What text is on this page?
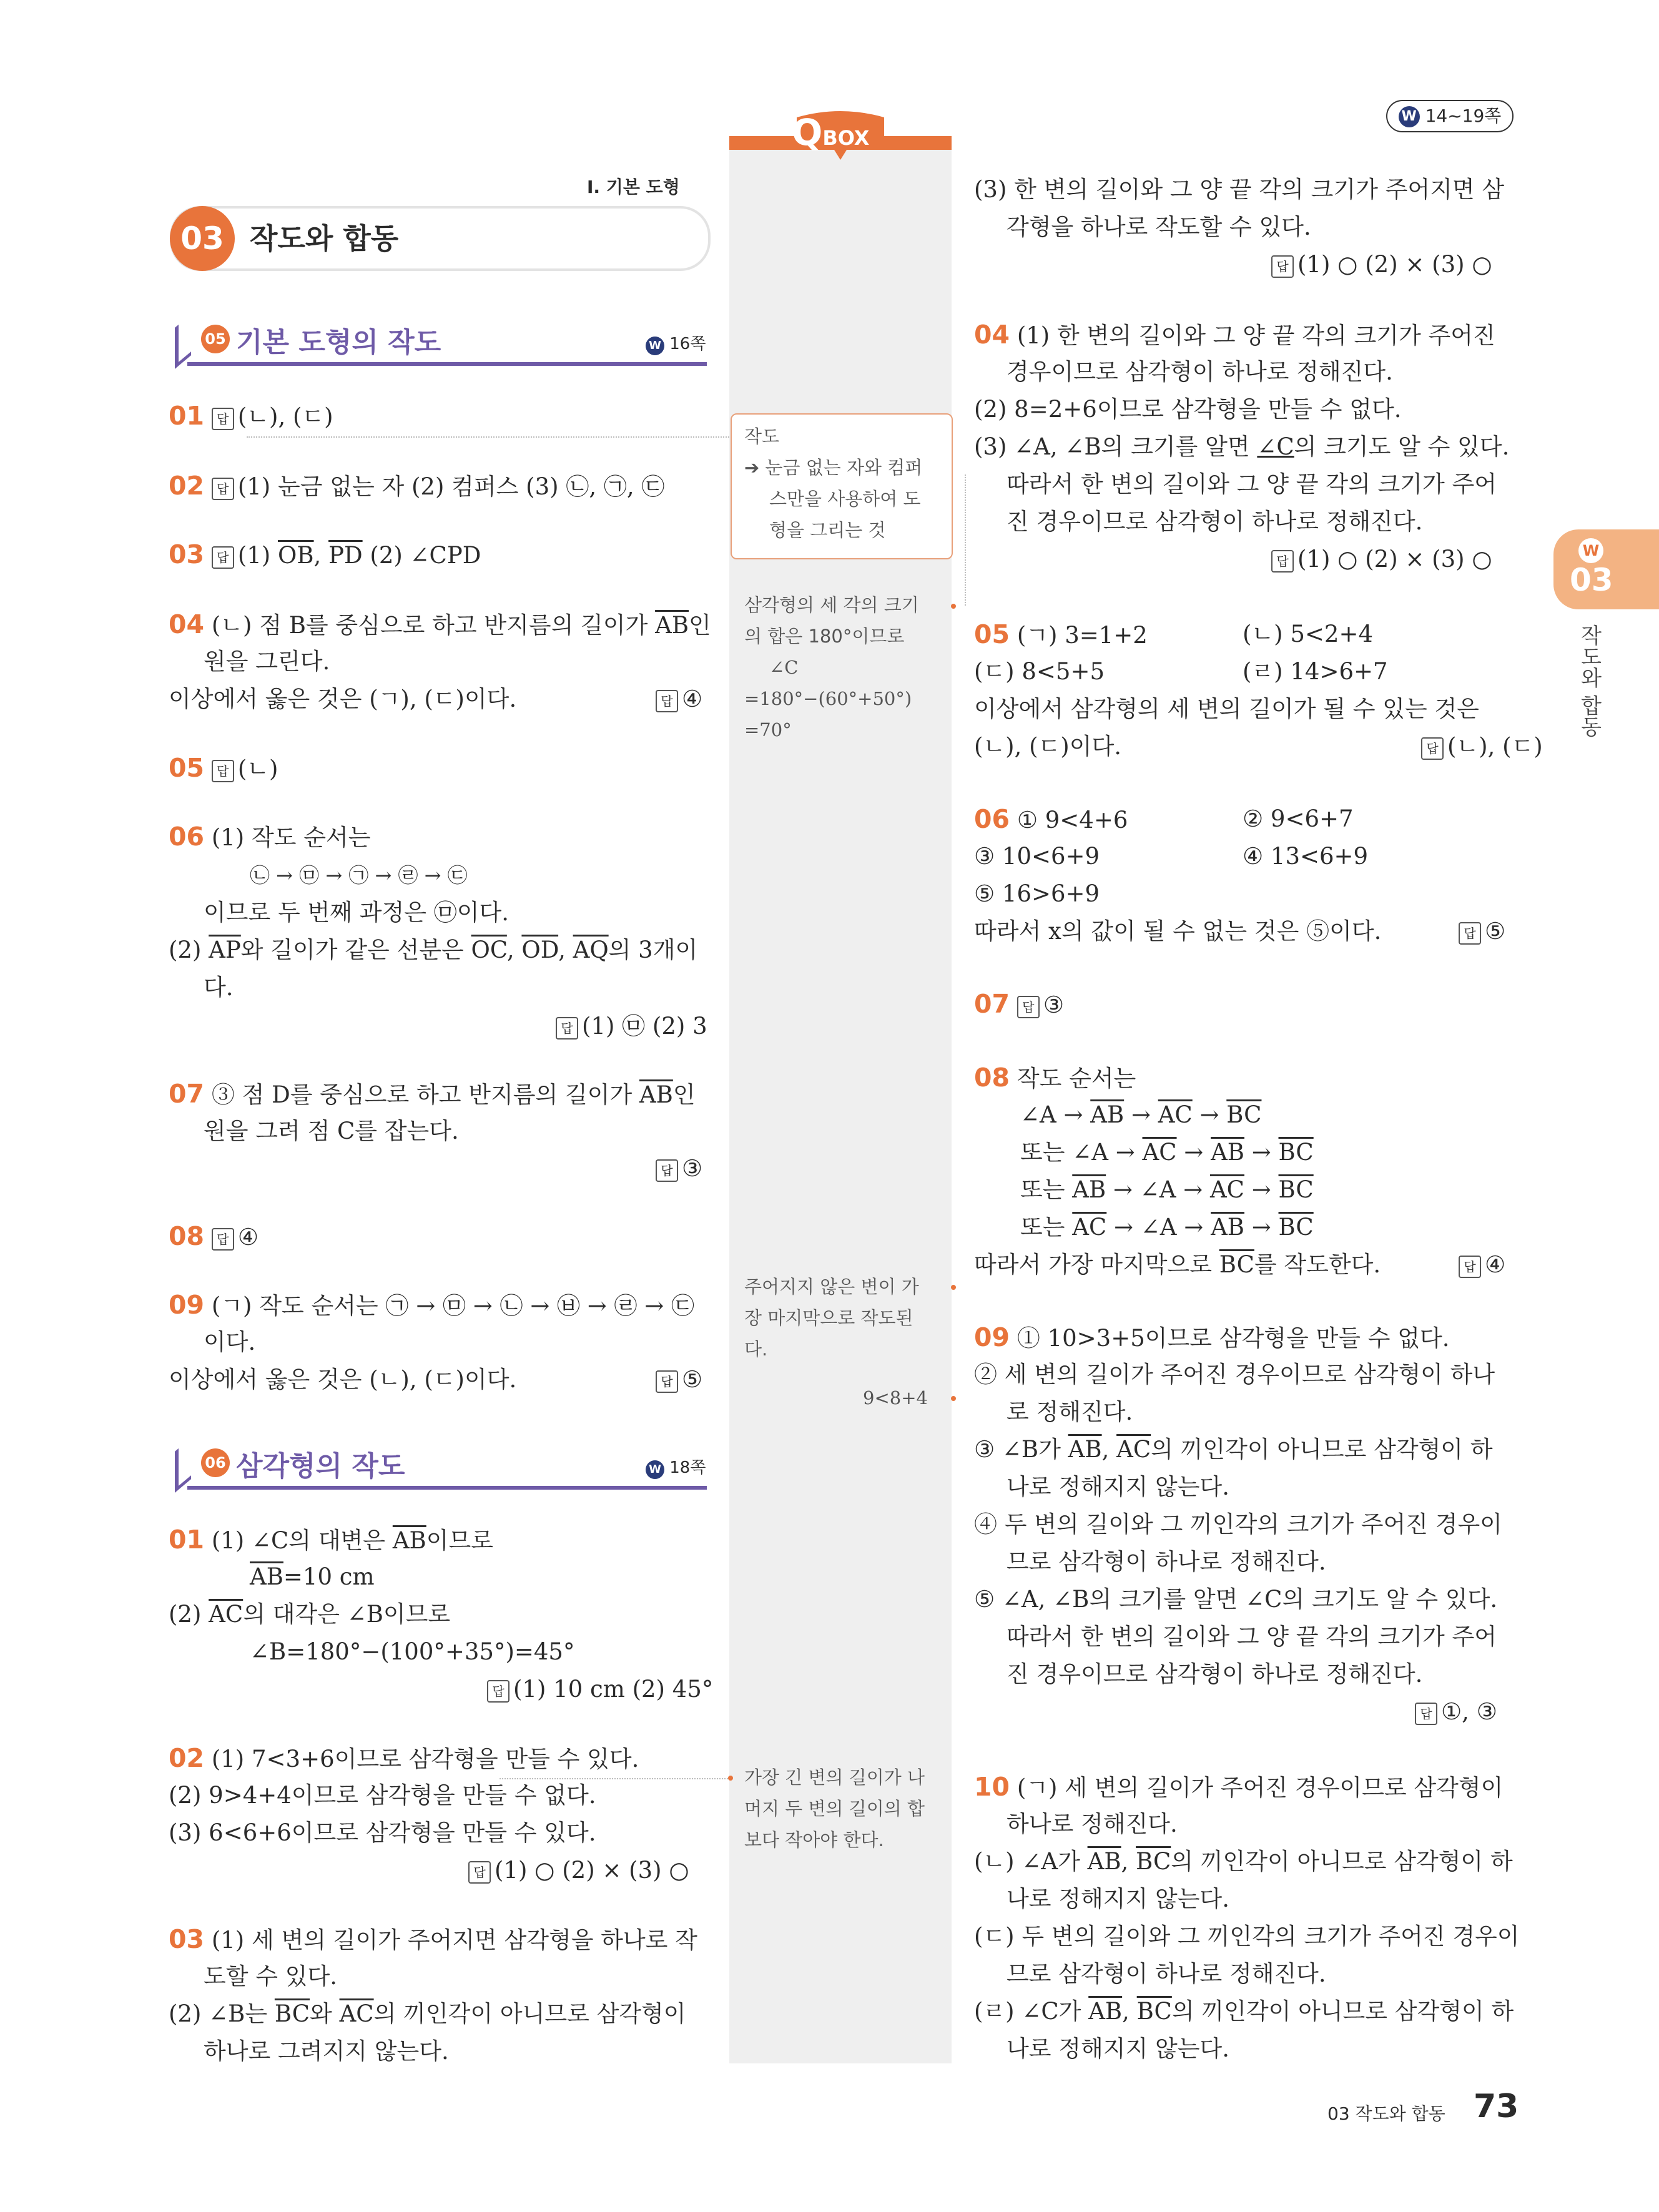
W 14~19쪽
QBOX
작도
➔ 눈금 없는 자와 컴퍼
스만을 사용하여 도
형을 그리는 것
삼각형의 세 각의 크기
의 합은 180°이므로
∠C
=180°−(60°+50°)
=70°
주어지지 않은 변이 가
장 마지막으로 작도된
다.
9<8+4
가장 긴 변의 길이가 나
머지 두 변의 길이의 합
보다 작아야 한다.
Ⅰ. 기본 도형
03 작도와 합동
05 기본 도형의 작도	W 16쪽
01 답 (ㄴ), (ㄷ)
02 답 (1) 눈금 없는 자 (2) 컴퍼스 (3) ㉡, ㉠, ㉢
03 답 (1) $\overline{OB}$, $\overline{PD}$ (2) ∠CPD
04 (ㄴ) 점 B를 중심으로 하고 반지름의 길이가 $\overline{AB}$인
원을 그린다.
이상에서 옳은 것은 (ㄱ), (ㄷ)이다.	답 ④
05 답 (ㄴ)
06 (1) 작도 순서는
㉡ → ㉤ → ㉠ → ㉣ → ㉢
이므로 두 번째 과정은 ㉤이다.
(2) $\overline{AP}$와 길이가 같은 선분은 $\overline{OC}$, $\overline{OD}$, $\overline{AQ}$의 3개이
다.
답 (1) ㉤ (2) 3
07 ③ 점 D를 중심으로 하고 반지름의 길이가 $\overline{AB}$인
원을 그려 점 C를 잡는다.
답 ③
08 답 ④
09 (ㄱ) 작도 순서는 ㉠ → ㉤ → ㉡ → ㉥ → ㉣ → ㉢
이다.
이상에서 옳은 것은 (ㄴ), (ㄷ)이다.	답 ⑤
06 삼각형의 작도	W 18쪽
01 (1) ∠C의 대변은 $\overline{AB}$이므로
$\overline{AB}=10$ cm
(2) $\overline{AC}$의 대각은 ∠B이므로
∠B=180°−(100°+35°)=45°
답 (1) 10 cm (2) 45°
02 (1) 7<3+6이므로 삼각형을 만들 수 있다.
(2) 9>4+4이므로 삼각형을 만들 수 없다.
(3) 6<6+6이므로 삼각형을 만들 수 있다.
답 (1) ○ (2) × (3) ○
03 (1) 세 변의 길이가 주어지면 삼각형을 하나로 작
도할 수 있다.
(2) ∠B는 $\overline{BC}$와 $\overline{AC}$의 끼인각이 아니므로 삼각형이
하나로 그려지지 않는다.
(3) 한 변의 길이와 그 양 끝 각의 크기가 주어지면 삼
각형을 하나로 작도할 수 있다.
답 (1) ○ (2) × (3) ○
04 (1) 한 변의 길이와 그 양 끝 각의 크기가 주어진
경우이므로 삼각형이 하나로 정해진다.
(2) 8=2+6이므로 삼각형을 만들 수 없다.
(3) ∠A, ∠B의 크기를 알면 ∠C의 크기도 알 수 있다.
따라서 한 변의 길이와 그 양 끝 각의 크기가 주어
진 경우이므로 삼각형이 하나로 정해진다.
답 (1) ○ (2) × (3) ○
05 (ㄱ) 3=1+2	(ㄴ) 5<2+4
(ㄷ) 8<5+5	(ㄹ) 14>6+7
이상에서 삼각형의 세 변의 길이가 될 수 있는 것은
(ㄴ), (ㄷ)이다.	답 (ㄴ), (ㄷ)
06 ① 9<4+6	② 9<6+7
③ 10<6+9	④ 13<6+9
⑤ 16>6+9
따라서 x의 값이 될 수 없는 것은 ⑤이다.	답 ⑤
07 답 ③
08 작도 순서는
∠A → $\overline{AB} \to \overline{AC} \to \overline{BC}$
또는 ∠A → $\overline{AC} \to \overline{AB} \to \overline{BC}$
또는 $\overline{AB}$ → ∠A → $\overline{AC} \to \overline{BC}$
또는 $\overline{AC}$ → ∠A → $\overline{AB} \to \overline{BC}$
따라서 가장 마지막으로 $\overline{BC}$를 작도한다.	답 ④
09 ① 10>3+5이므로 삼각형을 만들 수 없다.
② 세 변의 길이가 주어진 경우이므로 삼각형이 하나
로 정해진다.
③ ∠B가 $\overline{AB}$, $\overline{AC}$의 끼인각이 아니므로 삼각형이 하
나로 정해지지 않는다.
④ 두 변의 길이와 그 끼인각의 크기가 주어진 경우이
므로 삼각형이 하나로 정해진다.
⑤ ∠A, ∠B의 크기를 알면 ∠C의 크기도 알 수 있다.
따라서 한 변의 길이와 그 양 끝 각의 크기가 주어
진 경우이므로 삼각형이 하나로 정해진다.
답 ①, ③
10 (ㄱ) 세 변의 길이가 주어진 경우이므로 삼각형이
하나로 정해진다.
(ㄴ) ∠A가 $\overline{AB}$, $\overline{BC}$의 끼인각이 아니므로 삼각형이 하
나로 정해지지 않는다.
(ㄷ) 두 변의 길이와 그 끼인각의 크기가 주어진 경우이
므로 삼각형이 하나로 정해진다.
(ㄹ) ∠C가 $\overline{AB}$, $\overline{BC}$의 끼인각이 아니므로 삼각형이 하
나로 정해지지 않는다.
W
03
작도와 합동
03 작도와 합동 73
